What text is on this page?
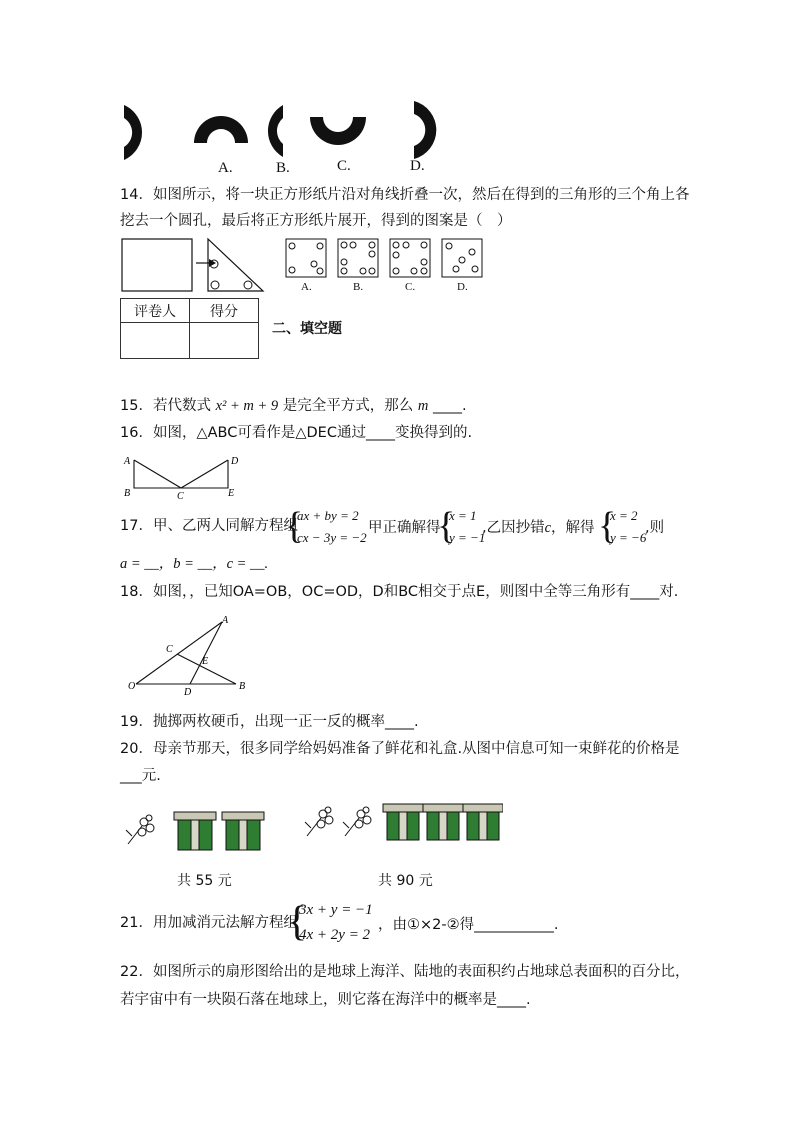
A.	B.	C.	D.
14．如图所示，将一块正方形纸片沿对角线折叠一次，然后在得到的三角形的三个角上各
挖去一个圆孔，最后将正方形纸片展开，得到的图案是（　）
A.	B.	C.	D.
评卷人	得分

二、填空题
15．若代数式 x² + m + 9 是完全平方式，那么 m ____.
16．如图，△ABC可看作是△DEC通过____变换得到的.
A	D
B	C	E
17．甲、乙两人同解方程组
{
ax + by = 2
cx − 3y = −2
甲正确解得
{
x = 1
y = −1
,乙因抄错c，解得 {
x = 2
y = −6
,则
a = __，b = __，c = __.
18．如图，，已知OA=OB，OC=OD，D和BC相交于点E，则图中全等三角形有____对.
A
C
E
O
D
B
19．抛掷两枚硬币，出现一正一反的概率____.
20．母亲节那天，很多同学给妈妈准备了鲜花和礼盒.从图中信息可知一束鲜花的价格是
___元.
共 55 元	共 90 元
21．用加减消元法解方程组
{
3x + y = −1
4x + 2y = 2
，由①×2-②得___________.
22．如图所示的扇形图给出的是地球上海洋、陆地的表面积约占地球总表面积的百分比，
若宇宙中有一块陨石落在地球上，则它落在海洋中的概率是____.
